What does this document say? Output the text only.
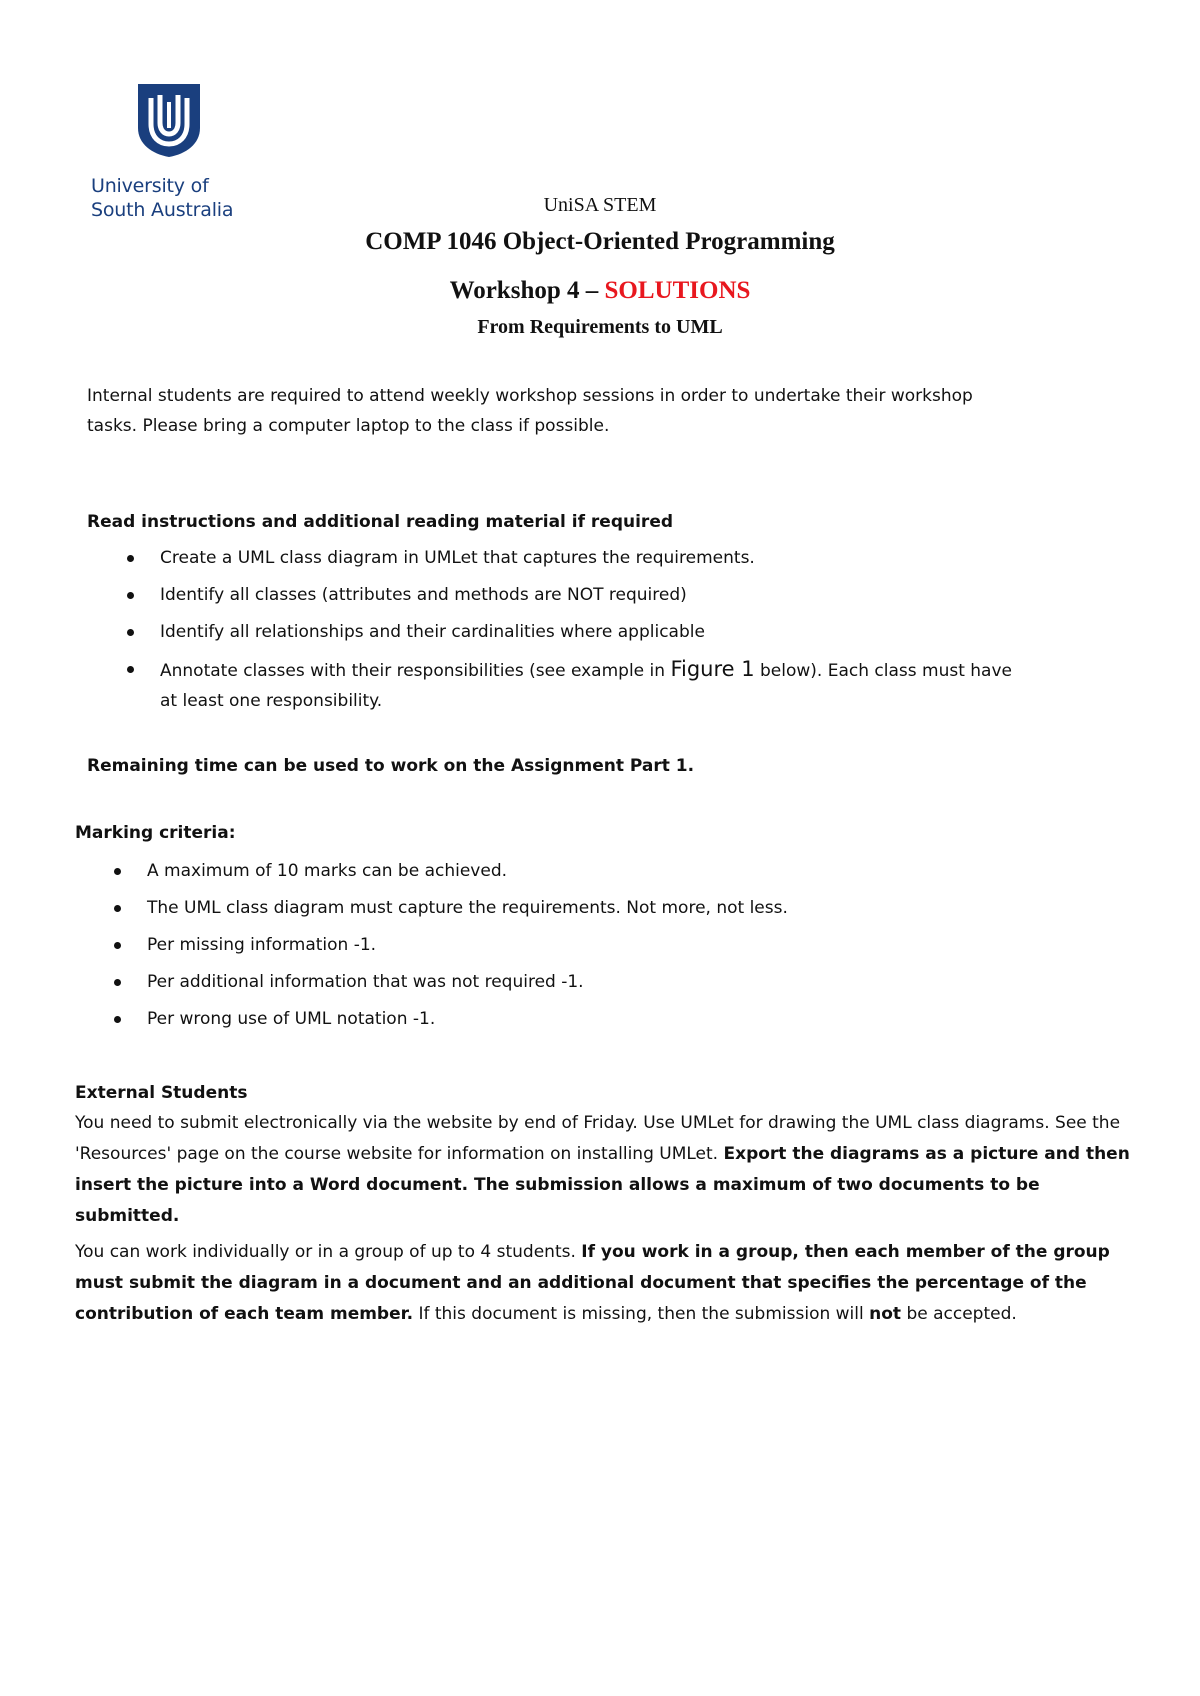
University of
South Australia	UniSA STEM
COMP 1046 Object-Oriented Programming
Workshop 4 – SOLUTIONS
From Requirements to UML
Internal students are required to attend weekly workshop sessions in order to undertake their workshop
tasks. Please bring a computer laptop to the class if possible.
Read instructions and additional reading material if required
Create a UML class diagram in UMLet that captures the requirements.
Identify all classes (attributes and methods are NOT required)
Identify all relationships and their cardinalities where applicable
Annotate classes with their responsibilities (see example in Figure 1 below). Each class must have
at least one responsibility.
Remaining time can be used to work on the Assignment Part 1.
Marking criteria:
A maximum of 10 marks can be achieved.
The UML class diagram must capture the requirements. Not more, not less.
Per missing information -1.
Per additional information that was not required -1.
Per wrong use of UML notation -1.
External Students

You need to submit electronically via the website by end of Friday. Use UMLet for drawing the UML class diagrams. See the 'Resources' page on the course website for information on installing UMLet. Export the diagrams as a picture and then insert the picture into a Word document. The submission allows a maximum of two documents to be submitted.

You can work individually or in a group of up to 4 students. If you work in a group, then each member of the group must submit the diagram in a document and an additional document that specifies the percentage of the contribution of each team member. If this document is missing, then the submission will not be accepted.
